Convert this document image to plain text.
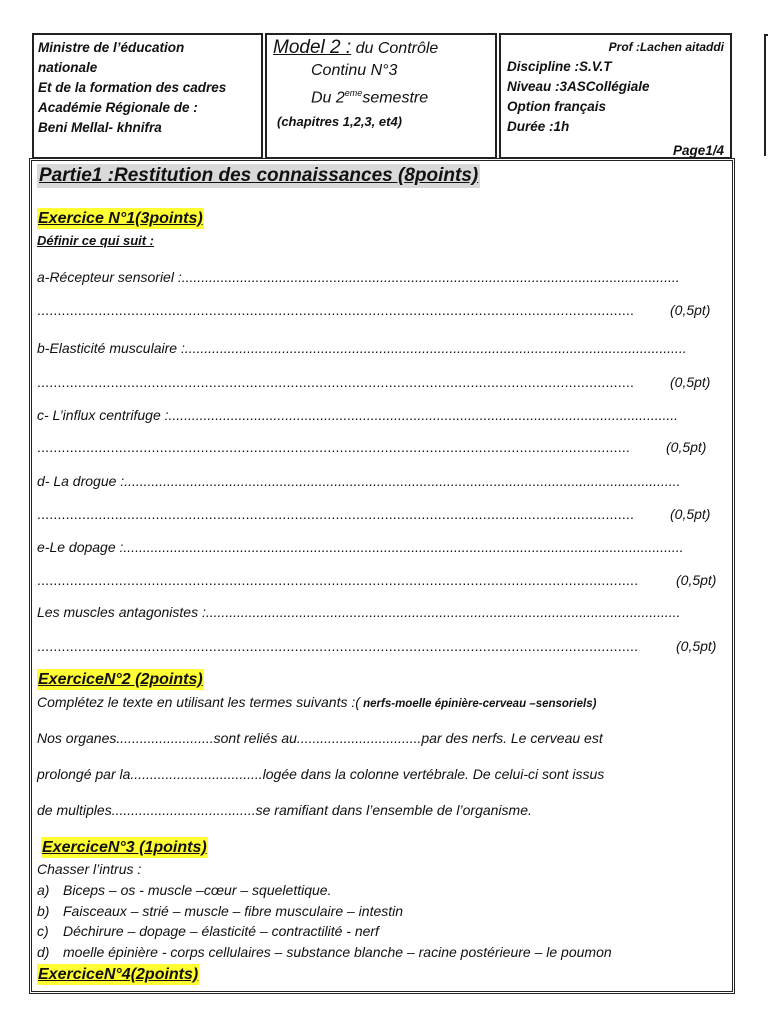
Ministre de l’éducation
nationale
Et de la formation des cadres
Académie Régionale de :
Beni Mellal- khnifra
Model 2 : du Contrôle
Continu N°3
Du 2emesemestre
(chapitres 1,2,3, et4)
Prof :Lachen aitaddi
Discipline :S.V.T
Niveau :3ASCollégiale
Option français
Durée :1h
Page1/4
Partie1 :Restitution des connaissances (8points)
Exercice N°1(3points)
Définir ce qui suit :
a-Récepteur sensoriel :................................................................................................................................
..................................................................................................................................................	(0,5pt)
b-Elasticité musculaire :.................................................................................................................................
..................................................................................................................................................	(0,5pt)
c- L’influx centrifuge :...................................................................................................................................
.................................................................................................................................................	(0,5pt)
d- La drogue :...............................................................................................................................................
..................................................................................................................................................	(0,5pt)
e-Le dopage :................................................................................................................................................
...................................................................................................................................................	(0,5pt)
Les muscles antagonistes :..........................................................................................................................
...................................................................................................................................................	(0,5pt)
ExerciceN°2 (2points)
Complétez le texte en utilisant les termes suivants :( nerfs-moelle épinière-cerveau –sensoriels)
Nos organes.........................sont reliés au................................par des nerfs. Le cerveau est
prolongé par la..................................logée dans la colonne vertébrale. De celui-ci sont issus
de multiples.....................................se ramifiant dans l’ensemble de l’organisme.
ExerciceN°3 (1points)
Chasser l’intrus :
a) Biceps – os - muscle –cœur – squelettique.
b) Faisceaux – strié – muscle – fibre musculaire – intestin
c) Déchirure – dopage – élasticité – contractilité - nerf
d) moelle épinière - corps cellulaires – substance blanche – racine postérieure – le poumon
ExerciceN°4(2points)
